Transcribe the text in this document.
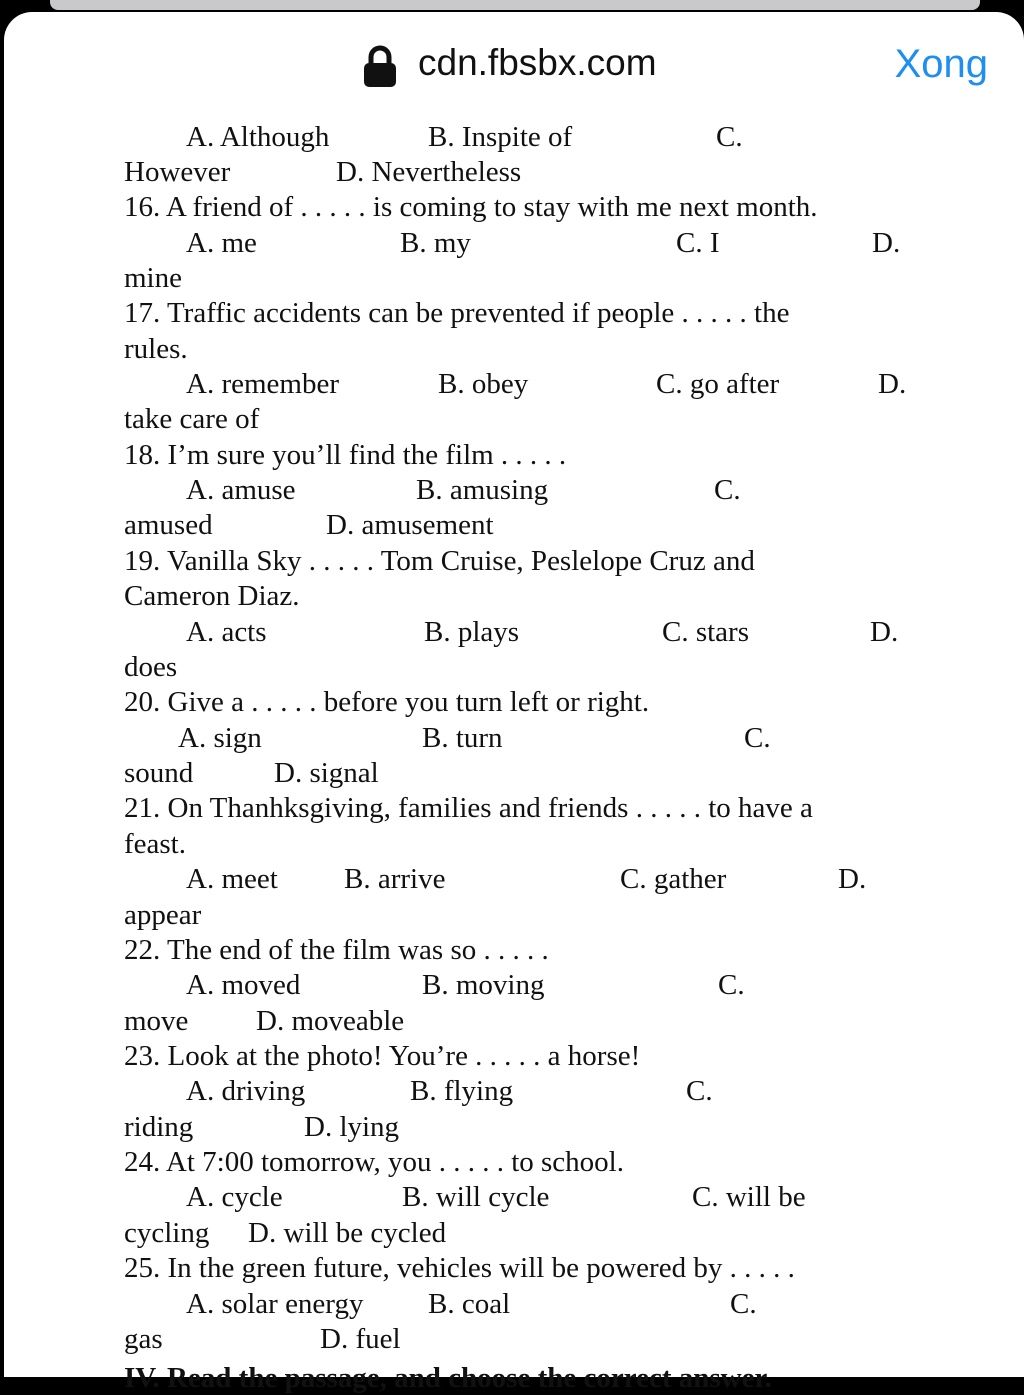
cdn.fbsbx.com	Xong
A. Although	B. Inspite of	C.
However	D. Nevertheless
16. A friend of . . . . . is coming to stay with me next month.
A. me	B. my	C. I	D.
mine
17. Traffic accidents can be prevented if people . . . . . the
rules.
A. remember	B. obey	C. go after	D.
take care of
18. I’m sure you’ll find the film . . . . .
A. amuse	B. amusing	C.
amused	D. amusement
19. Vanilla Sky . . . . . Tom Cruise, Peslelope Cruz and
Cameron Diaz.
A. acts	B. plays	C. stars	D.
does
20. Give a . . . . . before you turn left or right.
A. sign	B. turn	C.
sound	D. signal
21. On Thanhksgiving, families and friends . . . . . to have a
feast.
A. meet B. arrive	C. gather	D.
appear
22. The end of the film was so . . . . .
A. moved	B. moving	C.
move D. moveable
23. Look at the photo! You’re . . . . . a horse!
A. driving	B. flying	C.
riding	D. lying
24. At 7:00 tomorrow, you . . . . . to school.
A. cycle	B. will cycle	C. will be
cycling D. will be cycled
25. In the green future, vehicles will be powered by . . . . .
A. solar energy B. coal	C.
gas	D. fuel
IV. Read the passage, and choose the correct answer.
